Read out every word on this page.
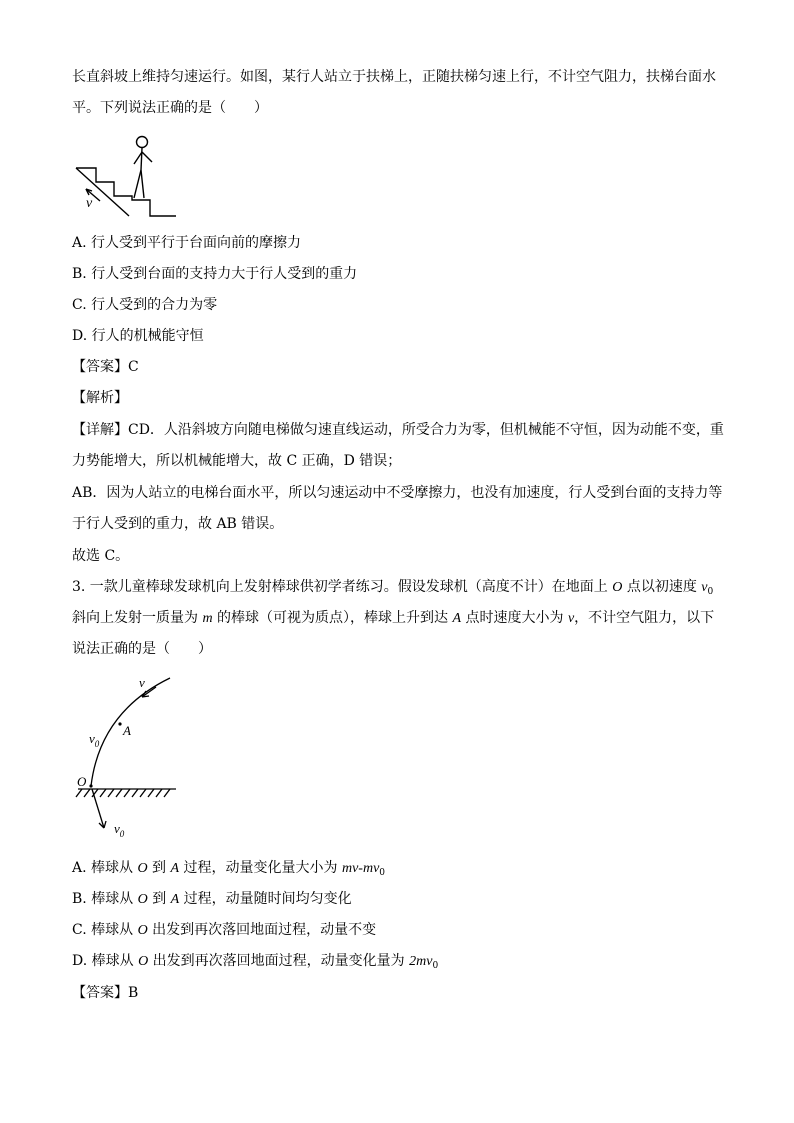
长直斜坡上维持匀速运行。如图，某行人站立于扶梯上，正随扶梯匀速上行，不计空气阻力，扶梯台面水
平。下列说法正确的是（　　）
v
A. 行人受到平行于台面向前的摩擦力
B. 行人受到台面的支持力大于行人受到的重力
C. 行人受到的合力为零
D. 行人的机械能守恒
【答案】C
【解析】
【详解】CD．人沿斜坡方向随电梯做匀速直线运动，所受合力为零，但机械能不守恒，因为动能不变，重
力势能增大，所以机械能增大，故 C 正确，D 错误；
AB．因为人站立的电梯台面水平，所以匀速运动中不受摩擦力，也没有加速度，行人受到台面的支持力等
于行人受到的重力，故 AB 错误。
故选 C。
3. 一款儿童棒球发球机向上发射棒球供初学者练习。假设发球机（高度不计）在地面上 O 点以初速度 $v_0$
斜向上发射一质量为 m 的棒球（可视为质点），棒球上升到达 A 点时速度大小为 v，不计空气阻力，以下
说法正确的是（　　）
v
$v_0$
A
O
$v_0$
A. 棒球从 O 到 A 过程，动量变化量大小为 $mv-mv_0$
B. 棒球从 O 到 A 过程，动量随时间均匀变化
C. 棒球从 O 出发到再次落回地面过程，动量不变
D. 棒球从 O 出发到再次落回地面过程，动量变化量为 $2mv_0$
【答案】B
